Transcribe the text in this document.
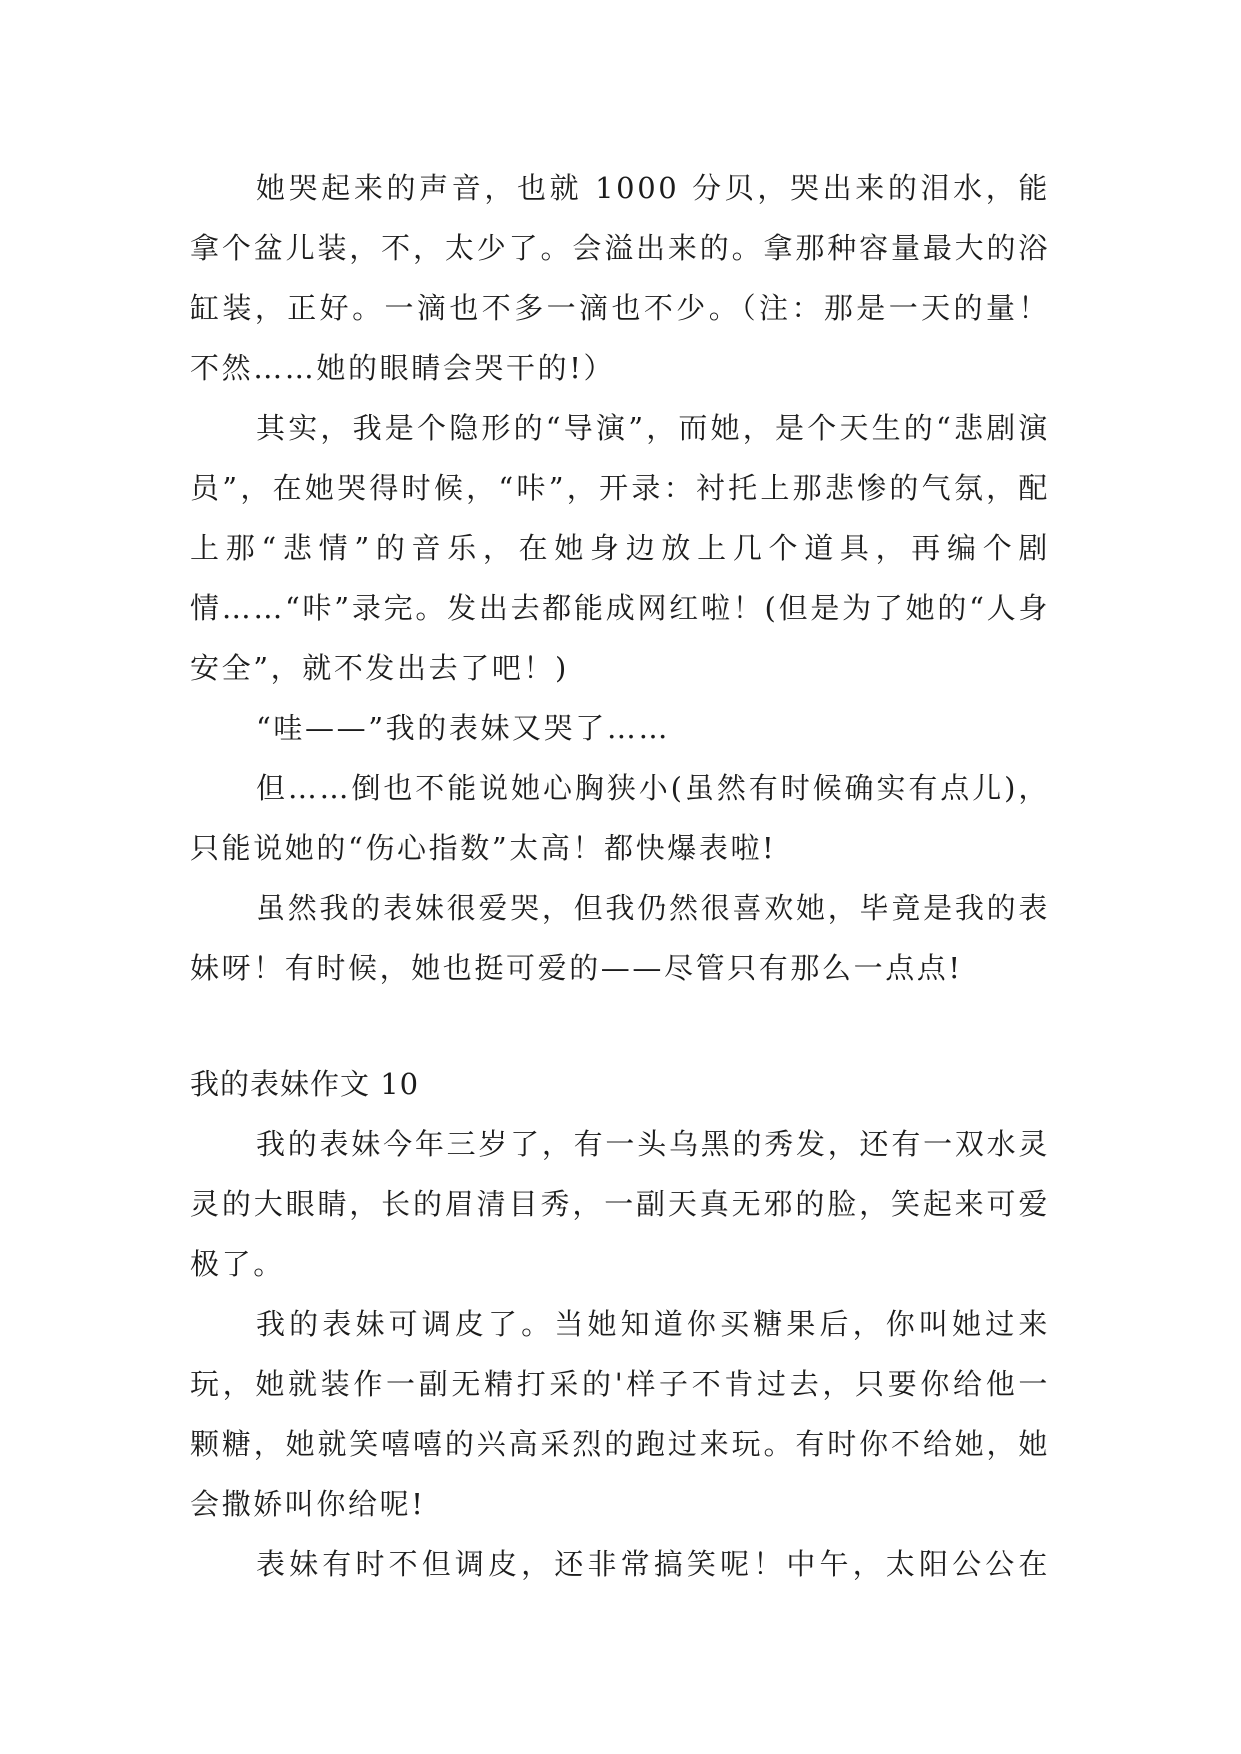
她哭起来的声音，也就 1000 分贝，哭出来的泪水，能拿个盆儿装，不，太少了。会溢出来的。拿那种容量最大的浴缸装，正好。一滴也不多一滴也不少。（注：那是一天的量！不然……她的眼睛会哭干的!）

其实，我是个隐形的“导演”，而她，是个天生的“悲剧演员”，在她哭得时候，“咔”，开录：衬托上那悲惨的气氛，配上那“悲情”的音乐，在她身边放上几个道具，再编个剧情……“咔”录完。发出去都能成网红啦！(但是为了她的“人身安全”，就不发出去了吧！)

“哇——”我的表妹又哭了……

但……倒也不能说她心胸狭小(虽然有时候确实有点儿)，只能说她的“伤心指数”太高！都快爆表啦!

虽然我的表妹很爱哭，但我仍然很喜欢她，毕竟是我的表妹呀！有时候，她也挺可爱的——尽管只有那么一点点!

我的表妹作文 10

我的表妹今年三岁了，有一头乌黑的秀发，还有一双水灵灵的大眼睛，长的眉清目秀，一副天真无邪的脸，笑起来可爱极了。

我的表妹可调皮了。当她知道你买糖果后，你叫她过来玩，她就装作一副无精打采的'样子不肯过去，只要你给他一颗糖，她就笑嘻嘻的兴高采烈的跑过来玩。有时你不给她，她会撒娇叫你给呢!

表妹有时不但调皮，还非常搞笑呢！中午，太阳公公在
